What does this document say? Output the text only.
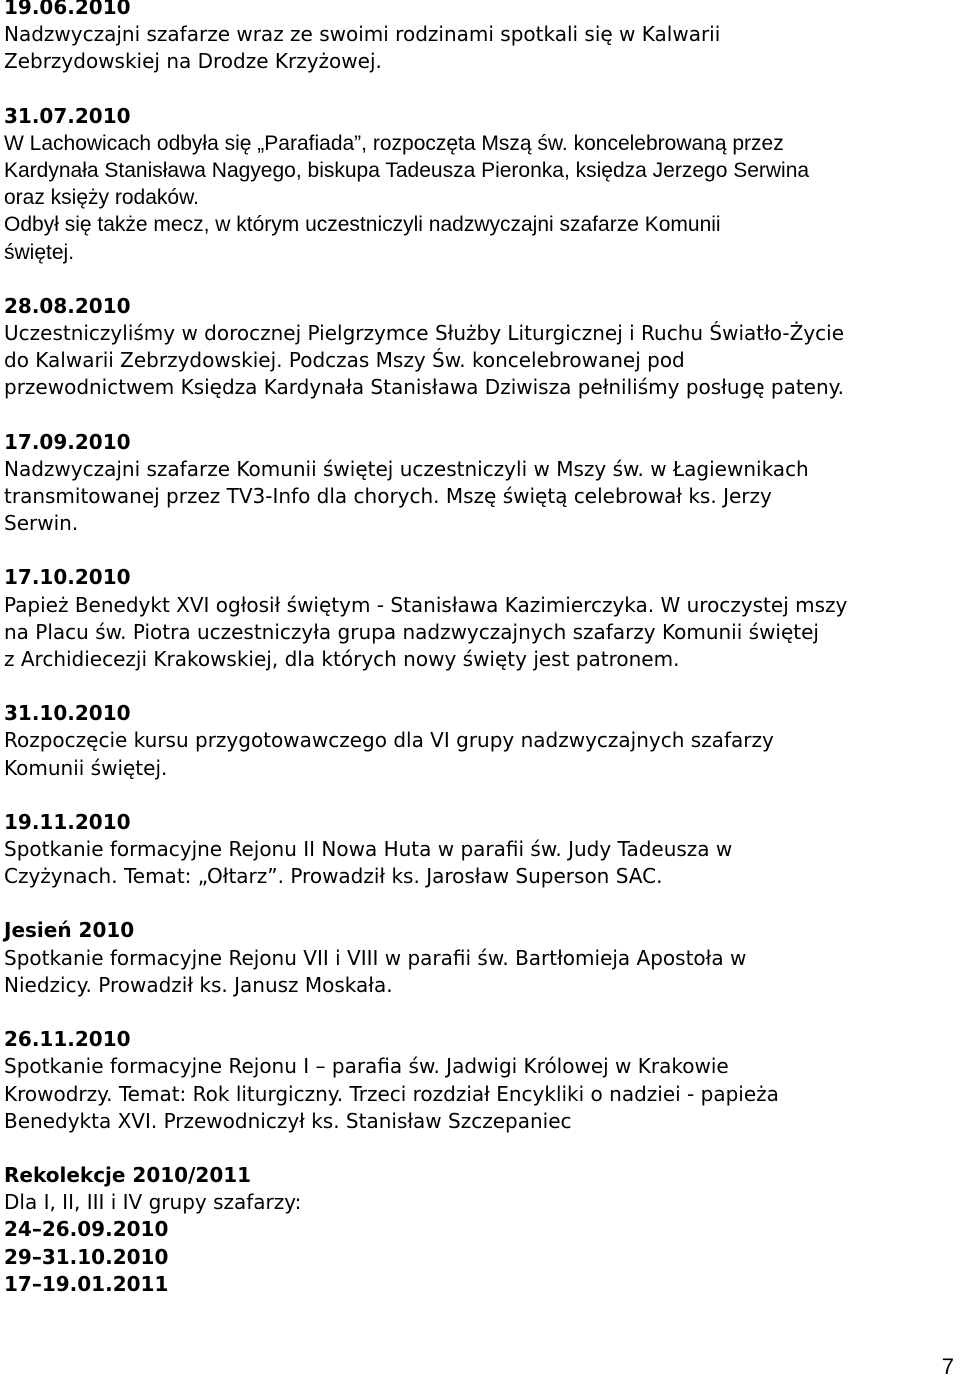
19.06.2010

Nadzwyczajni szafarze wraz ze swoimi rodzinami spotkali się w Kalwarii

Zebrzydowskiej na Drodze Krzyżowej.

31.07.2010

W Lachowicach odbyła się „Parafiada”, rozpoczęta Mszą św. koncelebrowaną przez

Kardynała Stanisława Nagyego, biskupa Tadeusza Pieronka, księdza Jerzego Serwina

oraz księży rodaków.

Odbył się także mecz, w którym uczestniczyli nadzwyczajni szafarze Komunii

świętej.

28.08.2010

Uczestniczyliśmy w dorocznej Pielgrzymce Służby Liturgicznej i Ruchu Światło-Życie

do Kalwarii Zebrzydowskiej. Podczas Mszy Św. koncelebrowanej pod

przewodnictwem Księdza Kardynała Stanisława Dziwisza pełniliśmy posługę pateny.

17.09.2010

Nadzwyczajni szafarze Komunii świętej uczestniczyli w Mszy św. w Łagiewnikach

transmitowanej przez TV3-Info dla chorych. Mszę świętą celebrował ks. Jerzy

Serwin.

17.10.2010

Papież Benedykt XVI ogłosił świętym - Stanisława Kazimierczyka. W uroczystej mszy

na Placu św. Piotra uczestniczyła grupa nadzwyczajnych szafarzy Komunii świętej

z Archidiecezji Krakowskiej, dla których nowy święty jest patronem.

31.10.2010

Rozpoczęcie kursu przygotowawczego dla VI grupy nadzwyczajnych szafarzy

Komunii świętej.

19.11.2010

Spotkanie formacyjne Rejonu II Nowa Huta w parafii św. Judy Tadeusza w

Czyżynach. Temat: „Ołtarz”. Prowadził ks. Jarosław Superson SAC.

Jesień 2010

Spotkanie formacyjne Rejonu VII i VIII w parafii św. Bartłomieja Apostoła w

Niedzicy. Prowadził ks. Janusz Moskała.

26.11.2010

Spotkanie formacyjne Rejonu I – parafia św. Jadwigi Królowej w Krakowie

Krowodrzy. Temat: Rok liturgiczny. Trzeci rozdział Encykliki o nadziei - papieża

Benedykta XVI. Przewodniczył ks. Stanisław Szczepaniec

Rekolekcje 2010/2011

Dla I, II, III i IV grupy szafarzy:

24–26.09.2010

29–31.10.2010

17–19.01.2011

7
